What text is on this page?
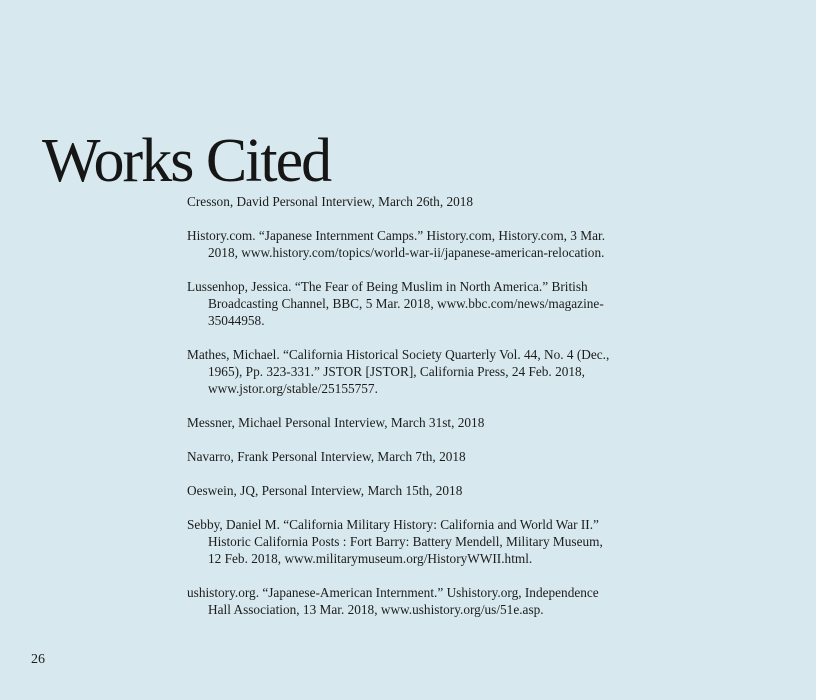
Works Cited
Cresson, David Personal Interview, March 26th, 2018
History.com. “Japanese Internment Camps.” History.com, History.com, 3 Mar. 2018, www.history.com/topics/world-war-ii/japanese-american-relocation.
Lussenhop, Jessica. “The Fear of Being Muslim in North America.” British Broadcasting Channel, BBC, 5 Mar. 2018, www.bbc.com/news/magazine-35044958.
Mathes, Michael. “California Historical Society Quarterly Vol. 44, No. 4 (Dec., 1965), Pp. 323-331.” JSTOR [JSTOR], California Press, 24 Feb. 2018, www.jstor.org/stable/25155757.
Messner, Michael Personal Interview, March 31st, 2018
Navarro, Frank Personal Interview, March 7th, 2018
Oeswein, JQ, Personal Interview, March 15th, 2018
Sebby, Daniel M. “California Military History: California and World War II.” Historic California Posts : Fort Barry: Battery Mendell, Military Museum, 12 Feb. 2018, www.militarymuseum.org/HistoryWWII.html.
ushistory.org. “Japanese-American Internment.” Ushistory.org, Independence Hall Association, 13 Mar. 2018, www.ushistory.org/us/51e.asp.
26
